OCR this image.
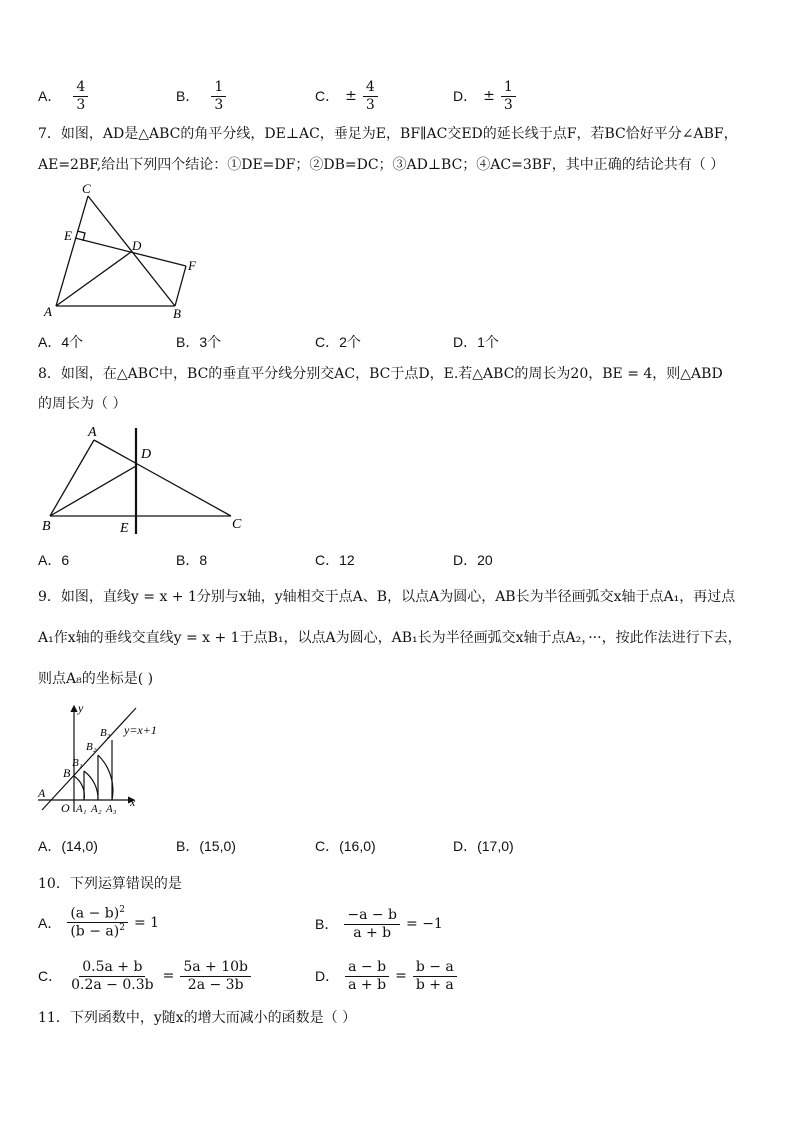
A． $\frac{4}{3}$	B． $\frac{1}{3}$	C． ± $\frac{4}{3}$	D． ± $\frac{1}{3}$
7．如图，AD是△ABC的角平分线，DE⊥AC，垂足为E，BF∥AC交ED的延长线于点F，若BC恰好平分∠ABF，
AE=2BF,给出下列四个结论：①DE=DF；②DB=DC；③AD⊥BC；④AC=3BF，其中正确的结论共有（ ）
C
E
D
F
A	B
A．4个	B．3个	C．2个	D．1个
8．如图，在△ABC中，BC的垂直平分线分别交AC，BC于点D，E.若△ABC的周长为20，BE = 4，则△ABD
的周长为（ ）
A
D
B	E	C
A．6	B．8	C．12	D．20
9．如图，直线y = x + 1分别与x轴，y轴相交于点A、B，以点A为圆心，AB长为半径画弧交x轴于点A₁，再过点
A₁作x轴的垂线交直线y = x + 1于点B₁，以点A为圆心，AB₁长为半径画弧交x轴于点A₂，···，按此作法进行下去，
则点A₈的坐标是( )
y
x
y=x+1
A
O A₁ A₂ A₃
B
B₁
B₂
B₃
A．(14,0)	B．(15,0)	C．(16,0)	D．(17,0)
10．下列运算错误的是
A． $\frac{(a - b)^2}{(b - a)^2} = 1$	B． $\frac{-a - b}{a + b} = -1$
C． $\frac{0.5a + b}{0.2a - 0.3b} = \frac{5a + 10b}{2a - 3b}$	D． $\frac{a - b}{a + b} = \frac{b - a}{b + a}$
11．下列函数中，y随x的增大而减小的函数是（ ）
